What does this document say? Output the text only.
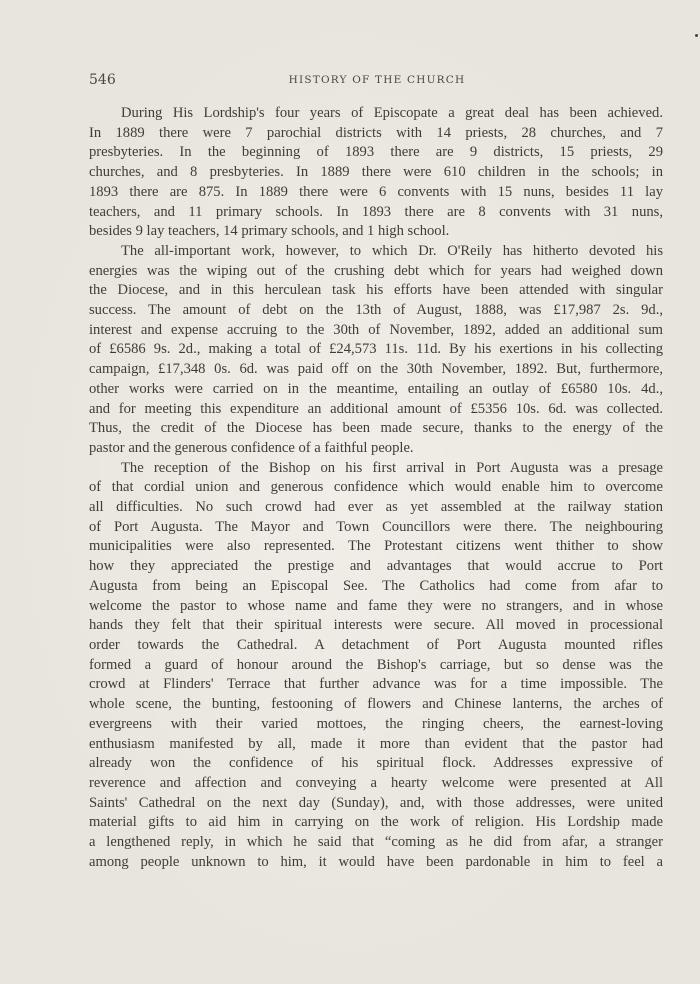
546	HISTORY OF THE CHURCH
During His Lordship's four years of Episcopate a great deal has been achieved.
In 1889 there were 7 parochial districts with 14 priests, 28 churches, and 7
presbyteries. In the beginning of 1893 there are 9 districts, 15 priests, 29
churches, and 8 presbyteries. In 1889 there were 610 children in the schools; in
1893 there are 875. In 1889 there were 6 convents with 15 nuns, besides 11 lay
teachers, and 11 primary schools. In 1893 there are 8 convents with 31 nuns,
besides 9 lay teachers, 14 primary schools, and 1 high school.
The all-important work, however, to which Dr. O'Reily has hitherto devoted his
energies was the wiping out of the crushing debt which for years had weighed down
the Diocese, and in this herculean task his efforts have been attended with singular
success. The amount of debt on the 13th of August, 1888, was £17,987 2s. 9d.,
interest and expense accruing to the 30th of November, 1892, added an additional sum
of £6586 9s. 2d., making a total of £24,573 11s. 11d. By his exertions in his collecting
campaign, £17,348 0s. 6d. was paid off on the 30th November, 1892. But, furthermore,
other works were carried on in the meantime, entailing an outlay of £6580 10s. 4d.,
and for meeting this expenditure an additional amount of £5356 10s. 6d. was collected.
Thus, the credit of the Diocese has been made secure, thanks to the energy of the
pastor and the generous confidence of a faithful people.
The reception of the Bishop on his first arrival in Port Augusta was a presage
of that cordial union and generous confidence which would enable him to overcome
all difficulties. No such crowd had ever as yet assembled at the railway station
of Port Augusta. The Mayor and Town Councillors were there. The neighbouring
municipalities were also represented. The Protestant citizens went thither to show
how they appreciated the prestige and advantages that would accrue to Port
Augusta from being an Episcopal See. The Catholics had come from afar to
welcome the pastor to whose name and fame they were no strangers, and in whose
hands they felt that their spiritual interests were secure. All moved in processional
order towards the Cathedral. A detachment of Port Augusta mounted rifles
formed a guard of honour around the Bishop's carriage, but so dense was the
crowd at Flinders' Terrace that further advance was for a time impossible. The
whole scene, the bunting, festooning of flowers and Chinese lanterns, the arches of
evergreens with their varied mottoes, the ringing cheers, the earnest-loving
enthusiasm manifested by all, made it more than evident that the pastor had
already won the confidence of his spiritual flock. Addresses expressive of
reverence and affection and conveying a hearty welcome were presented at All
Saints' Cathedral on the next day (Sunday), and, with those addresses, were united
material gifts to aid him in carrying on the work of religion. His Lordship made
a lengthened reply, in which he said that “coming as he did from afar, a stranger
among people unknown to him, it would have been pardonable in him to feel a
